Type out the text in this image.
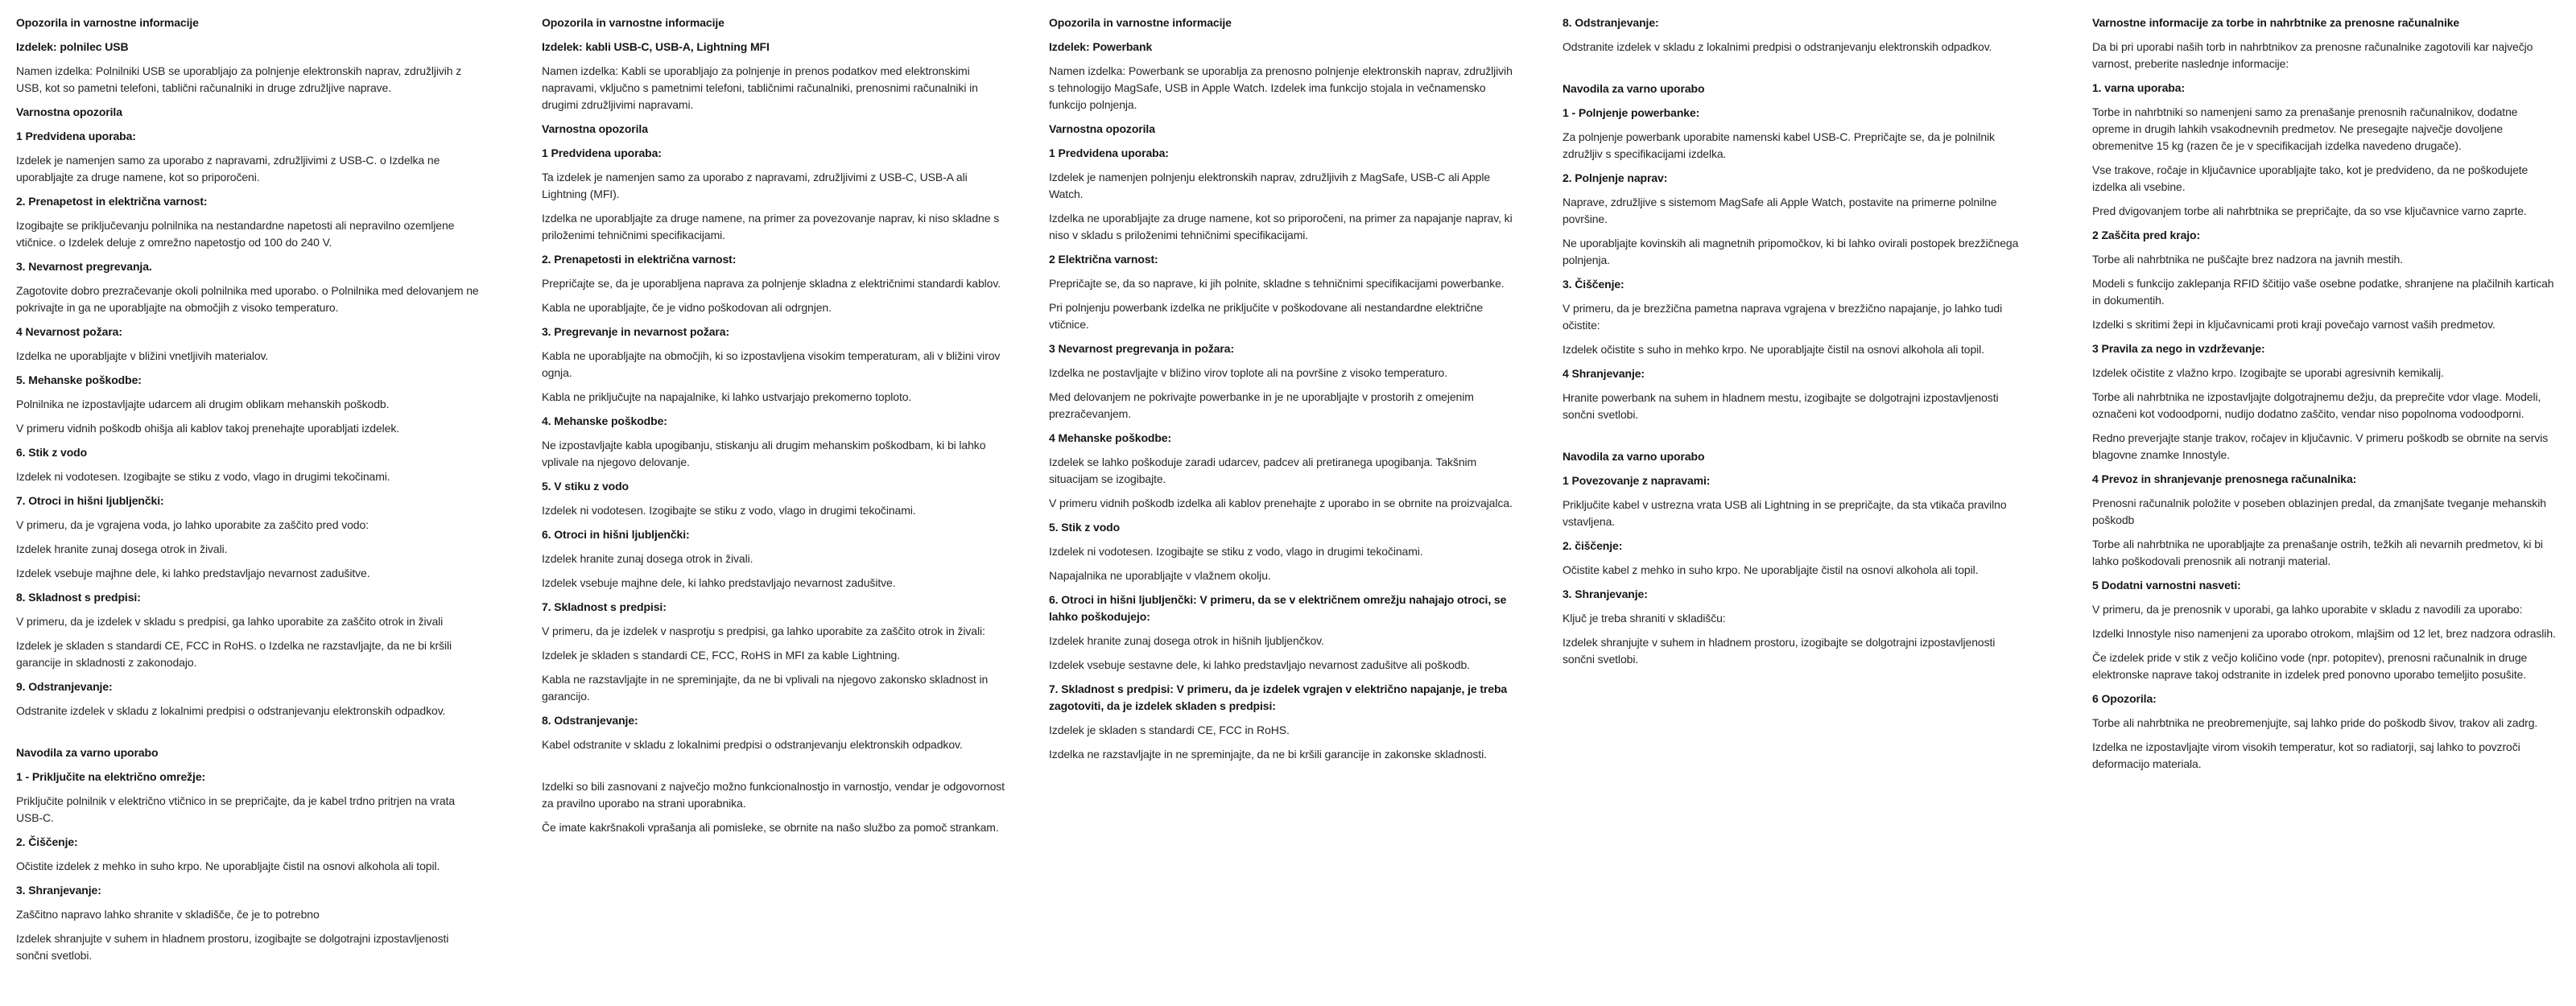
Opozorila in varnostne informacije
Izdelek: polnilec USB
Namen izdelka: Polnilniki USB se uporabljajo za polnjenje elektronskih naprav, združljivih z USB, kot so pametni telefoni, tablični računalniki in druge združljive naprave.
Varnostna opozorila
1 Predvidena uporaba:
Izdelek je namenjen samo za uporabo z napravami, združljivimi z USB-C. o Izdelka ne uporabljajte za druge namene, kot so priporočeni.
2. Prenapetost in električna varnost:
Izogibajte se priključevanju polnilnika na nestandardne napetosti ali nepravilno ozemljene vtičnice. o Izdelek deluje z omrežno napetostjo od 100 do 240 V.
3. Nevarnost pregrevanja.
Zagotovite dobro prezračevanje okoli polnilnika med uporabo. o Polnilnika med delovanjem ne pokrivajte in ga ne uporabljajte na območjih z visoko temperaturo.
4 Nevarnost požara:
Izdelka ne uporabljajte v bližini vnetljivih materialov.
5. Mehanske poškodbe:
Polnilnika ne izpostavljajte udarcem ali drugim oblikam mehanskih poškodb.
V primeru vidnih poškodb ohišja ali kablov takoj prenehajte uporabljati izdelek.
6. Stik z vodo
Izdelek ni vodotesen. Izogibajte se stiku z vodo, vlago in drugimi tekočinami.
7. Otroci in hišni ljubljenčki:
V primeru, da je vgrajena voda, jo lahko uporabite za zaščito pred vodo:
Izdelek hranite zunaj dosega otrok in živali.
Izdelek vsebuje majhne dele, ki lahko predstavljajo nevarnost zadušitve.
8. Skladnost s predpisi:
V primeru, da je izdelek v skladu s predpisi, ga lahko uporabite za zaščito otrok in živali
Izdelek je skladen s standardi CE, FCC in RoHS. o Izdelka ne razstavljajte, da ne bi kršili garancije in skladnosti z zakonodajo.
9. Odstranjevanje:
Odstranite izdelek v skladu z lokalnimi predpisi o odstranjevanju elektronskih odpadkov.
Navodila za varno uporabo
1 - Priključite na električno omrežje:
Priključite polnilnik v električno vtičnico in se prepričajte, da je kabel trdno pritrjen na vrata USB-C.
2. Čiščenje:
Očistite izdelek z mehko in suho krpo. Ne uporabljajte čistil na osnovi alkohola ali topil.
3. Shranjevanje:
Zaščitno napravo lahko shranite v skladišče, če je to potrebno
Izdelek shranjujte v suhem in hladnem prostoru, izogibajte se dolgotrajni izpostavljenosti sončni svetlobi.
Opozorila in varnostne informacije
Izdelek: kabli USB-C, USB-A, Lightning MFI
Namen izdelka: Kabli se uporabljajo za polnjenje in prenos podatkov med elektronskimi napravami, vključno s pametnimi telefoni, tabličnimi računalniki, prenosnimi računalniki in drugimi združljivimi napravami.
Varnostna opozorila
1 Predvidena uporaba:
Ta izdelek je namenjen samo za uporabo z napravami, združljivimi z USB-C, USB-A ali Lightning (MFI).
Izdelka ne uporabljajte za druge namene, na primer za povezovanje naprav, ki niso skladne s priloženimi tehničnimi specifikacijami.
2. Prenapetosti in električna varnost:
Prepričajte se, da je uporabljena naprava za polnjenje skladna z električnimi standardi kablov.
Kabla ne uporabljajte, če je vidno poškodovan ali odrgnjen.
3. Pregrevanje in nevarnost požara:
Kabla ne uporabljajte na območjih, ki so izpostavljena visokim temperaturam, ali v bližini virov ognja.
Kabla ne priključujte na napajalnike, ki lahko ustvarjajo prekomerno toploto.
4. Mehanske poškodbe:
Ne izpostavljajte kabla upogibanju, stiskanju ali drugim mehanskim poškodbam, ki bi lahko vplivale na njegovo delovanje.
5. V stiku z vodo
Izdelek ni vodotesen. Izogibajte se stiku z vodo, vlago in drugimi tekočinami.
6. Otroci in hišni ljubljenčki:
Izdelek hranite zunaj dosega otrok in živali.
Izdelek vsebuje majhne dele, ki lahko predstavljajo nevarnost zadušitve.
7. Skladnost s predpisi:
V primeru, da je izdelek v nasprotju s predpisi, ga lahko uporabite za zaščito otrok in živali:
Izdelek je skladen s standardi CE, FCC, RoHS in MFI za kable Lightning.
Kabla ne razstavljajte in ne spreminjajte, da ne bi vplivali na njegovo zakonsko skladnost in garancijo.
8. Odstranjevanje:
Kabel odstranite v skladu z lokalnimi predpisi o odstranjevanju elektronskih odpadkov.
Izdelki so bili zasnovani z največjo možno funkcionalnostjo in varnostjo, vendar je odgovornost za pravilno uporabo na strani uporabnika.
Če imate kakršnakoli vprašanja ali pomisleke, se obrnite na našo službo za pomoč strankam.
Opozorila in varnostne informacije
Izdelek: Powerbank
Namen izdelka: Powerbank se uporablja za prenosno polnjenje elektronskih naprav, združljivih s tehnologijo MagSafe, USB in Apple Watch. Izdelek ima funkcijo stojala in večnamensko funkcijo polnjenja.
Varnostna opozorila
1 Predvidena uporaba:
Izdelek je namenjen polnjenju elektronskih naprav, združljivih z MagSafe, USB-C ali Apple Watch.
Izdelka ne uporabljajte za druge namene, kot so priporočeni, na primer za napajanje naprav, ki niso v skladu s priloženimi tehničnimi specifikacijami.
2 Električna varnost:
Prepričajte se, da so naprave, ki jih polnite, skladne s tehničnimi specifikacijami powerbanke.
Pri polnjenju powerbank izdelka ne priključite v poškodovane ali nestandardne električne vtičnice.
3 Nevarnost pregrevanja in požara:
Izdelka ne postavljajte v bližino virov toplote ali na površine z visoko temperaturo.
Med delovanjem ne pokrivajte powerbanke in je ne uporabljajte v prostorih z omejenim prezračevanjem.
4 Mehanske poškodbe:
Izdelek se lahko poškoduje zaradi udarcev, padcev ali pretiranega upogibanja. Takšnim situacijam se izogibajte.
V primeru vidnih poškodb izdelka ali kablov prenehajte z uporabo in se obrnite na proizvajalca.
5. Stik z vodo
Izdelek ni vodotesen. Izogibajte se stiku z vodo, vlago in drugimi tekočinami.
Napajalnika ne uporabljajte v vlažnem okolju.
6. Otroci in hišni ljubljenčki: V primeru, da se v električnem omrežju nahajajo otroci, se lahko poškodujejo:
Izdelek hranite zunaj dosega otrok in hišnih ljubljenčkov.
Izdelek vsebuje sestavne dele, ki lahko predstavljajo nevarnost zadušitve ali poškodb.
7. Skladnost s predpisi: V primeru, da je izdelek vgrajen v električno napajanje, je treba zagotoviti, da je izdelek skladen s predpisi:
Izdelek je skladen s standardi CE, FCC in RoHS.
Izdelka ne razstavljajte in ne spreminjajte, da ne bi kršili garancije in zakonske skladnosti.
8. Odstranjevanje:
Odstranite izdelek v skladu z lokalnimi predpisi o odstranjevanju elektronskih odpadkov.
Navodila za varno uporabo
1 - Polnjenje powerbanke:
Za polnjenje powerbank uporabite namenski kabel USB-C. Prepričajte se, da je polnilnik združljiv s specifikacijami izdelka.
2. Polnjenje naprav:
Naprave, združljive s sistemom MagSafe ali Apple Watch, postavite na primerne polnilne površine.
Ne uporabljajte kovinskih ali magnetnih pripomočkov, ki bi lahko ovirali postopek brezžičnega polnjenja.
3. Čiščenje:
V primeru, da je brezžična pametna naprava vgrajena v brezžično napajanje, jo lahko tudi očistite:
Izdelek očistite s suho in mehko krpo. Ne uporabljajte čistil na osnovi alkohola ali topil.
4 Shranjevanje:
Hranite powerbank na suhem in hladnem mestu, izogibajte se dolgotrajni izpostavljenosti sončni svetlobi.
Navodila za varno uporabo
1 Povezovanje z napravami:
Priključite kabel v ustrezna vrata USB ali Lightning in se prepričajte, da sta vtikača pravilno vstavljena.
2. čiščenje:
Očistite kabel z mehko in suho krpo. Ne uporabljajte čistil na osnovi alkohola ali topil.
3. Shranjevanje:
Ključ je treba shraniti v skladišču:
Izdelek shranjujte v suhem in hladnem prostoru, izogibajte se dolgotrajni izpostavljenosti sončni svetlobi.
Varnostne informacije za torbe in nahrbtnike za prenosne računalnike
Da bi pri uporabi naših torb in nahrbtnikov za prenosne računalnike zagotovili kar največjo varnost, preberite naslednje informacije:
1. varna uporaba:
Torbe in nahrbtniki so namenjeni samo za prenašanje prenosnih računalnikov, dodatne opreme in drugih lahkih vsakodnevnih predmetov. Ne presegajte največje dovoljene obremenitve 15 kg (razen če je v specifikacijah izdelka navedeno drugače).
Vse trakove, ročaje in ključavnice uporabljajte tako, kot je predvideno, da ne poškodujete izdelka ali vsebine.
Pred dvigovanjem torbe ali nahrbtnika se prepričajte, da so vse ključavnice varno zaprte.
2 Zaščita pred krajo:
Torbe ali nahrbtnika ne puščajte brez nadzora na javnih mestih.
Modeli s funkcijo zaklepanja RFID ščitijo vaše osebne podatke, shranjene na plačilnih karticah in dokumentih.
Izdelki s skritimi žepi in ključavnicami proti kraji povečajo varnost vaših predmetov.
3 Pravila za nego in vzdrževanje:
Izdelek očistite z vlažno krpo. Izogibajte se uporabi agresivnih kemikalij.
Torbe ali nahrbtnika ne izpostavljajte dolgotrajnemu dežju, da preprečite vdor vlage. Modeli, označeni kot vodoodporni, nudijo dodatno zaščito, vendar niso popolnoma vodoodporni.
Redno preverjajte stanje trakov, ročajev in ključavnic. V primeru poškodb se obrnite na servis blagovne znamke Innostyle.
4 Prevoz in shranjevanje prenosnega računalnika:
Prenosni računalnik položite v poseben oblazinjen predal, da zmanjšate tveganje mehanskih poškodb
Torbe ali nahrbtnika ne uporabljajte za prenašanje ostrih, težkih ali nevarnih predmetov, ki bi lahko poškodovali prenosnik ali notranji material.
5 Dodatni varnostni nasveti:
V primeru, da je prenosnik v uporabi, ga lahko uporabite v skladu z navodili za uporabo:
Izdelki Innostyle niso namenjeni za uporabo otrokom, mlajšim od 12 let, brez nadzora odraslih.
Če izdelek pride v stik z večjo količino vode (npr. potopitev), prenosni računalnik in druge elektronske naprave takoj odstranite in izdelek pred ponovno uporabo temeljito posušite.
6 Opozorila:
Torbe ali nahrbtnika ne preobremenjujte, saj lahko pride do poškodb šivov, trakov ali zadrg.
Izdelka ne izpostavljajte virom visokih temperatur, kot so radiatorji, saj lahko to povzroči deformacijo materiala.
